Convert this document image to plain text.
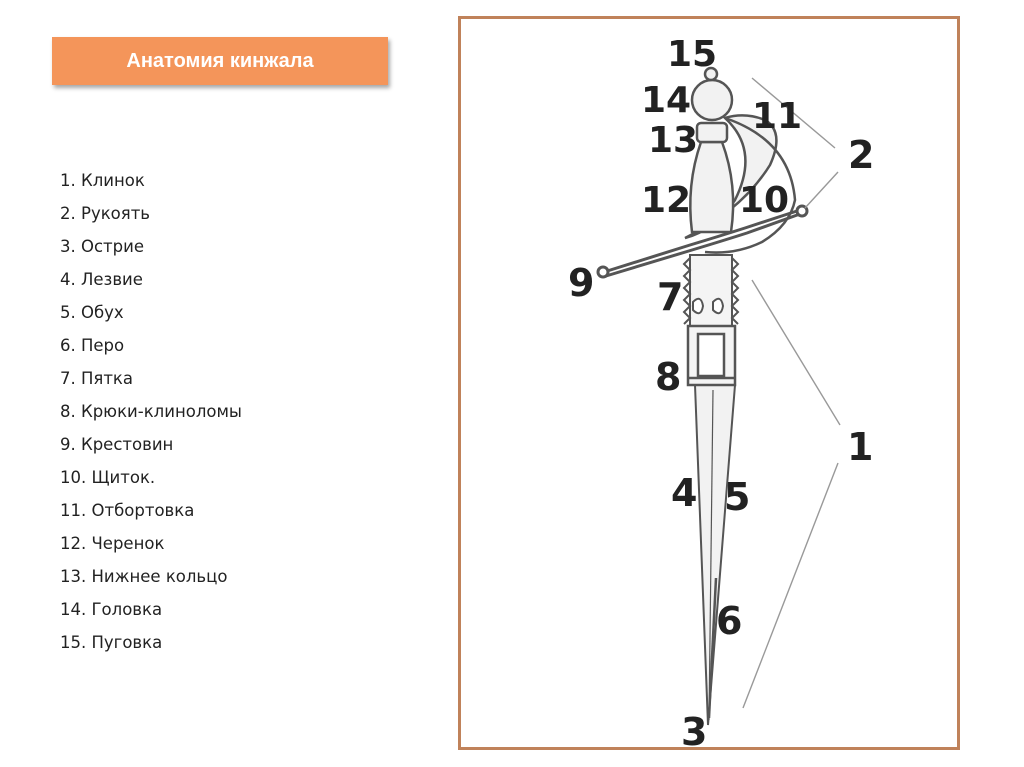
Анатомия кинжала
1. Клинок
2. Рукоять
3. Острие
4. Лезвие
5. Обух
6. Перо
7. Пятка
8. Крюки-клиноломы
9. Крестовин
10. Щиток.
11. Отбортовка
12. Черенок
13. Нижнее кольцо
14. Головка
15. Пуговка
15
14
13
12
11
10
2
9 7
8
1
4 5
6
3
